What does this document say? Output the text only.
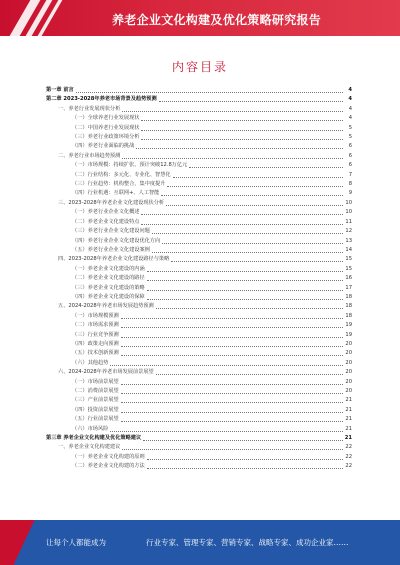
养老企业文化构建及优化策略研究报告
内容目录
第一章 前言	4
第二章 2023-2028年养老市场背景及趋势预测	4
一、养老行业发展现状分析	4
（一）全球养老行业发展现状	4
（二）中国养老行业发展现状	5
（三）养老行业政策环境分析	5
（四）养老行业面临的挑战	6
二、养老行业市场趋势预测	6
（一）市场规模：持续扩张，预计突破12.8万亿元	6
（二）行业结构：多元化、专业化、智慧化	7
（三）行业趋势：机构整合，集中度提升	8
（四）行业机遇：互联网+、人工智能	9
三、2023-2028年养老企业文化建设现状分析	10
（一）养老行业企业文化概述	10
（二）养老企业文化建设特点	11
（三）养老行业企业文化建设问题	12
（四）养老行业企业文化建设优化方向	13
（五）养老行业企业文化建设案例	14
四、2023-2028年养老企业文化建设路径与策略	15
（一）养老企业文化建设的内涵	15
（二）养老企业文化建设的路径	16
（三）养老企业文化建设的策略	17
（四）养老企业文化建设的保障	18
五、2024-2028年养老市场发展趋势预测	18
（一）市场规模预测	18
（二）市场需求预测	19
（三）行业竞争预测	19
（四）政策走向预测	20
（五）技术创新预测	20
（六）其他趋势	20
六、2024-2028年养老市场发展前景展望	20
（一）市场前景展望	20
（二）消费前景展望	20
（三）产业前景展望	21
（四）投资前景展望	21
（五）行业前景展望	21
（六）市场风险	21
第三章 养老企业文化构建及优化策略建议	21
一、养老企业文化构建建议	22
（一）养老企业文化构建的原则	22
（二）养老企业文化构建的方法	22
让每个人都能成为	行业专家、管理专家、营销专家、战略专家、成功企业家……
